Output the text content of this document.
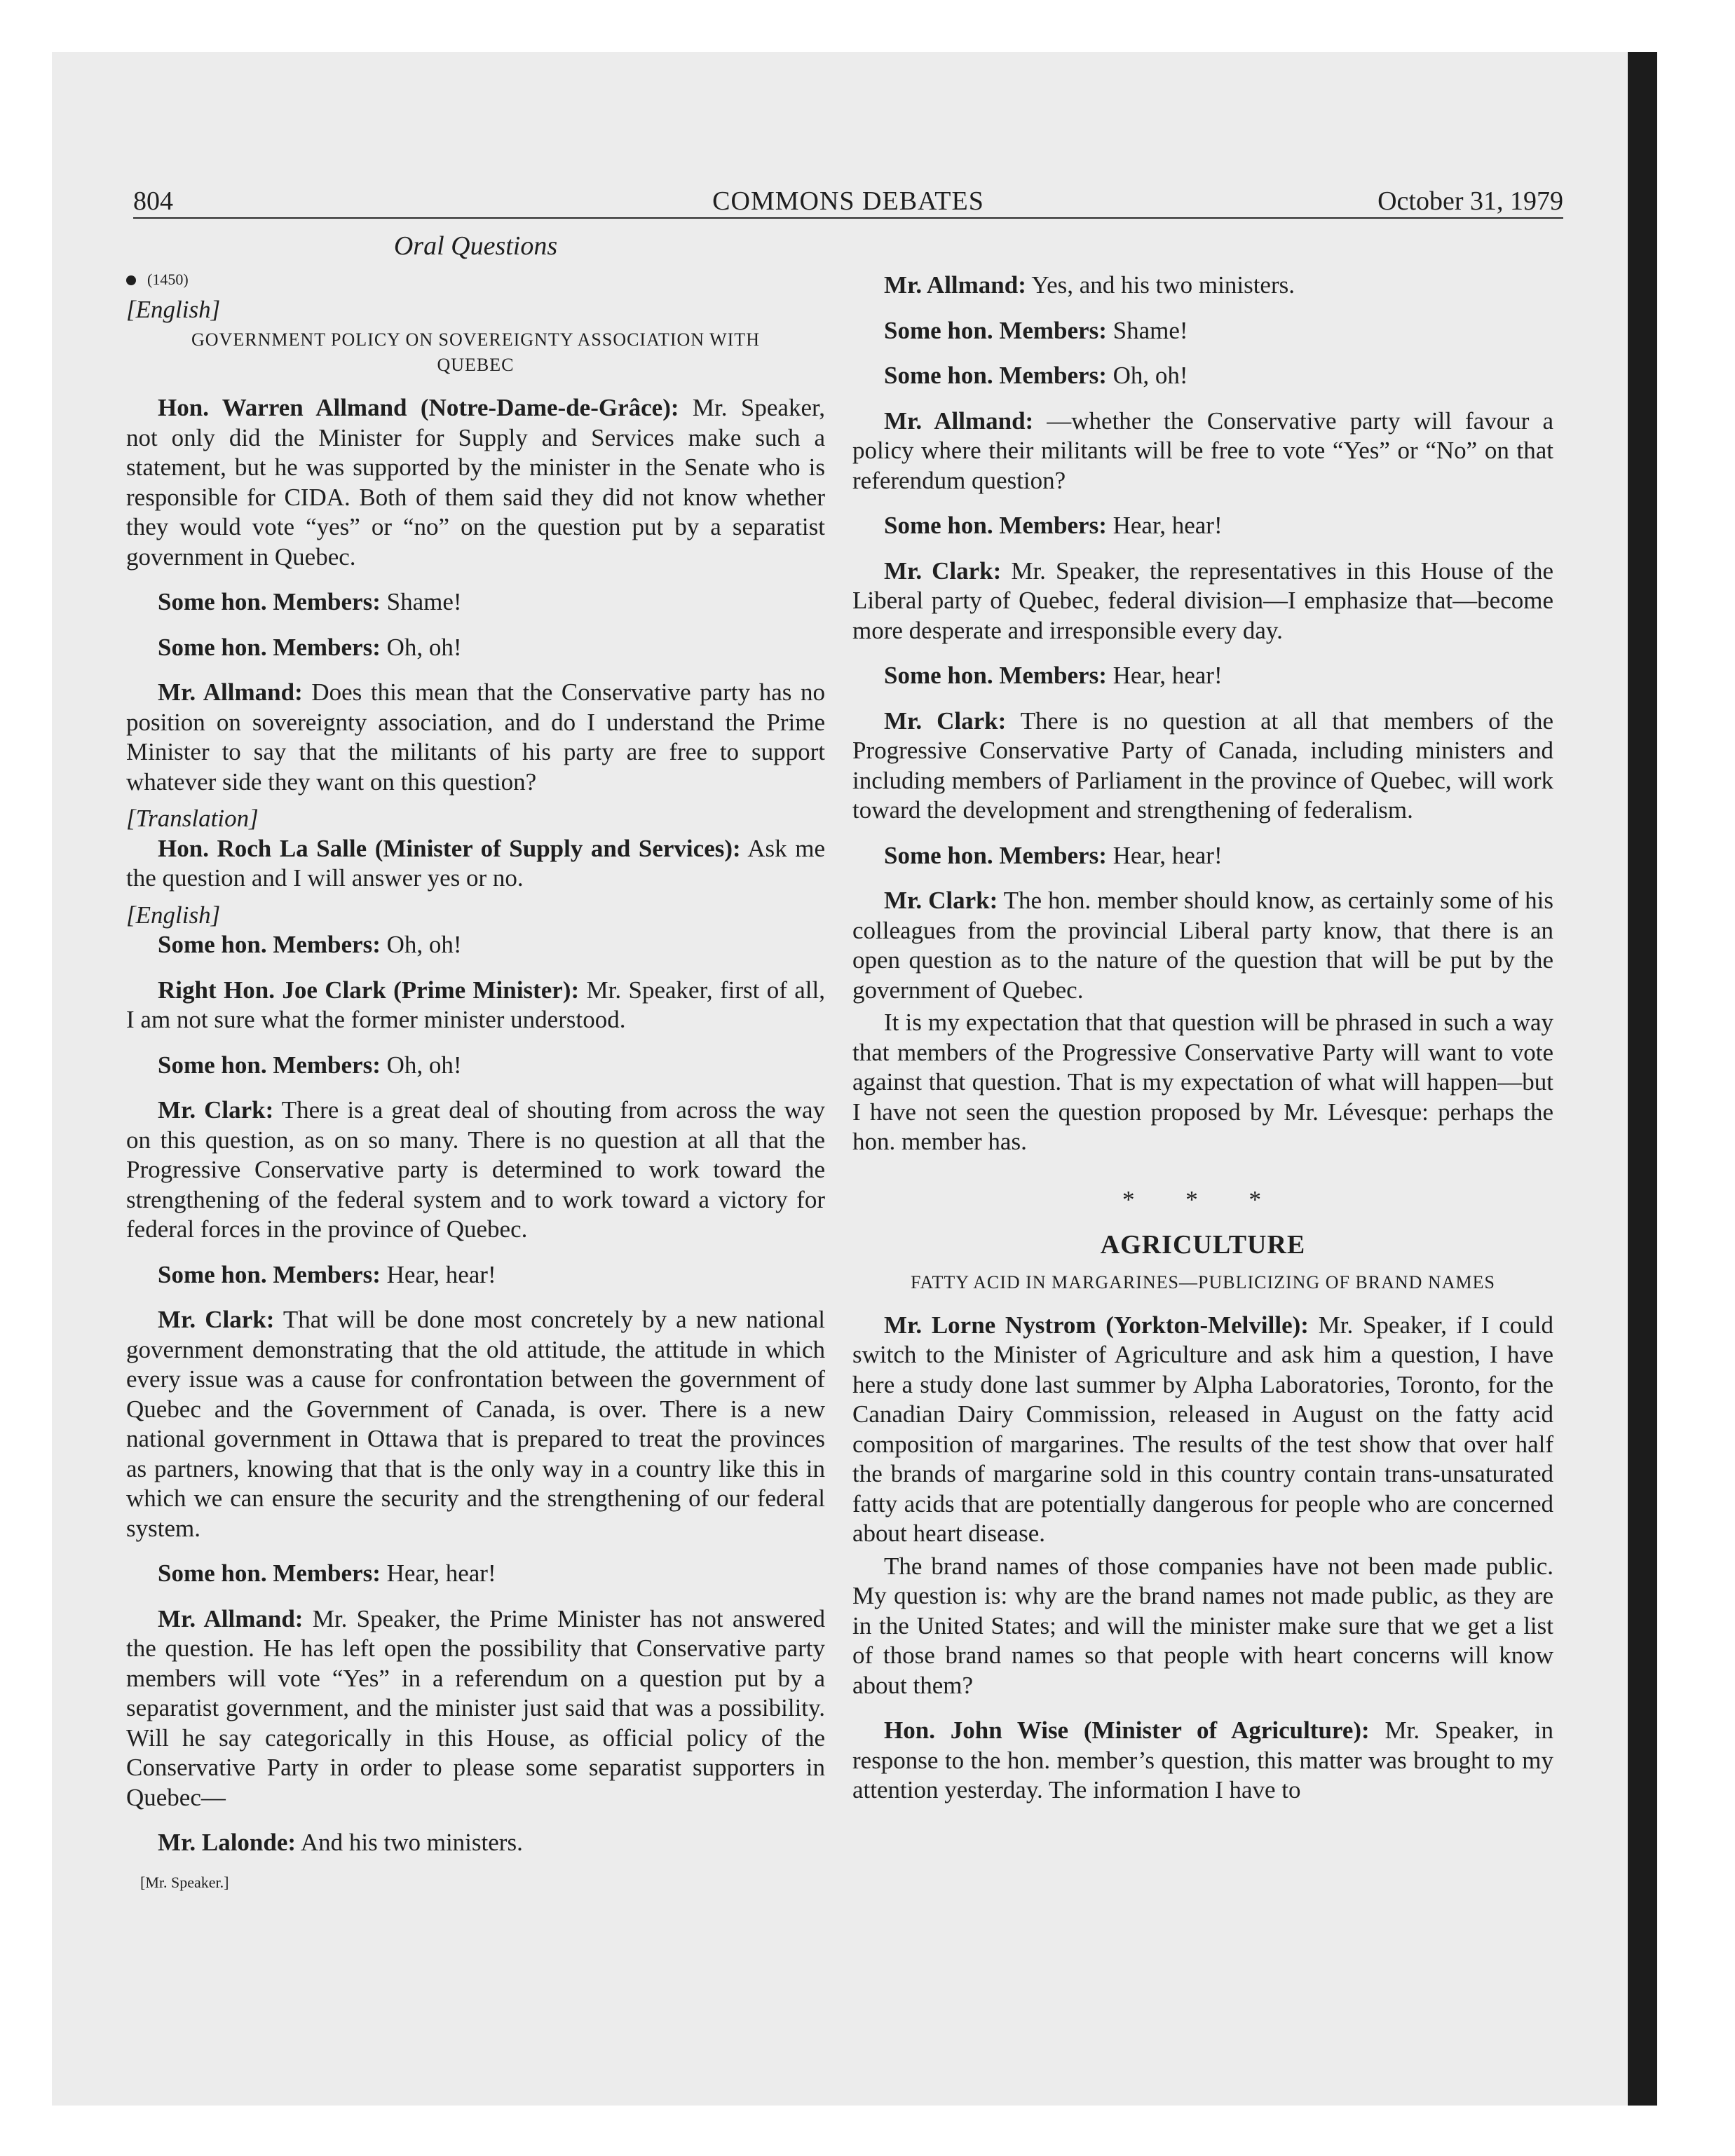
804	COMMONS DEBATES	October 31, 1979

Oral Questions

(1450)

[English]

GOVERNMENT POLICY ON SOVEREIGNTY ASSOCIATION WITH QUEBEC

Hon. Warren Allmand (Notre-Dame-de-Grâce): Mr. Speaker, not only did the Minister for Supply and Services make such a statement, but he was supported by the minister in the Senate who is responsible for CIDA. Both of them said they did not know whether they would vote “yes” or “no” on the question put by a separatist government in Quebec.

Some hon. Members: Shame!

Some hon. Members: Oh, oh!

Mr. Allmand: Does this mean that the Conservative party has no position on sovereignty association, and do I understand the Prime Minister to say that the militants of his party are free to support whatever side they want on this question?

[Translation]

Hon. Roch La Salle (Minister of Supply and Services): Ask me the question and I will answer yes or no.

[English]

Some hon. Members: Oh, oh!

Right Hon. Joe Clark (Prime Minister): Mr. Speaker, first of all, I am not sure what the former minister understood.

Some hon. Members: Oh, oh!

Mr. Clark: There is a great deal of shouting from across the way on this question, as on so many. There is no question at all that the Progressive Conservative party is determined to work toward the strengthening of the federal system and to work toward a victory for federal forces in the province of Quebec.

Some hon. Members: Hear, hear!

Mr. Clark: That will be done most concretely by a new national government demonstrating that the old attitude, the attitude in which every issue was a cause for confrontation between the government of Quebec and the Government of Canada, is over. There is a new national government in Ottawa that is prepared to treat the provinces as partners, knowing that that is the only way in a country like this in which we can ensure the security and the strengthening of our federal system.

Some hon. Members: Hear, hear!

Mr. Allmand: Mr. Speaker, the Prime Minister has not answered the question. He has left open the possibility that Conservative party members will vote “Yes” in a referendum on a question put by a separatist government, and the minister just said that was a possibility. Will he say categorically in this House, as official policy of the Conservative Party in order to please some separatist supporters in Quebec—

Mr. Lalonde: And his two ministers.

[Mr. Speaker.]

Mr. Allmand: Yes, and his two ministers.

Some hon. Members: Shame!

Some hon. Members: Oh, oh!

Mr. Allmand: —whether the Conservative party will favour a policy where their militants will be free to vote “Yes” or “No” on that referendum question?

Some hon. Members: Hear, hear!

Mr. Clark: Mr. Speaker, the representatives in this House of the Liberal party of Quebec, federal division—I emphasize that—become more desperate and irresponsible every day.

Some hon. Members: Hear, hear!

Mr. Clark: There is no question at all that members of the Progressive Conservative Party of Canada, including ministers and including members of Parliament in the province of Quebec, will work toward the development and strengthening of federalism.

Some hon. Members: Hear, hear!

Mr. Clark: The hon. member should know, as certainly some of his colleagues from the provincial Liberal party know, that there is an open question as to the nature of the question that will be put by the government of Quebec.

It is my expectation that that question will be phrased in such a way that members of the Progressive Conservative Party will want to vote against that question. That is my expectation of what will happen—but I have not seen the question proposed by Mr. Lévesque: perhaps the hon. member has.

* * *

AGRICULTURE

FATTY ACID IN MARGARINES—PUBLICIZING OF BRAND NAMES

Mr. Lorne Nystrom (Yorkton-Melville): Mr. Speaker, if I could switch to the Minister of Agriculture and ask him a question, I have here a study done last summer by Alpha Laboratories, Toronto, for the Canadian Dairy Commission, released in August on the fatty acid composition of margarines. The results of the test show that over half the brands of margarine sold in this country contain trans-unsaturated fatty acids that are potentially dangerous for people who are concerned about heart disease.

The brand names of those companies have not been made public. My question is: why are the brand names not made public, as they are in the United States; and will the minister make sure that we get a list of those brand names so that people with heart concerns will know about them?

Hon. John Wise (Minister of Agriculture): Mr. Speaker, in response to the hon. member’s question, this matter was brought to my attention yesterday. The information I have to
